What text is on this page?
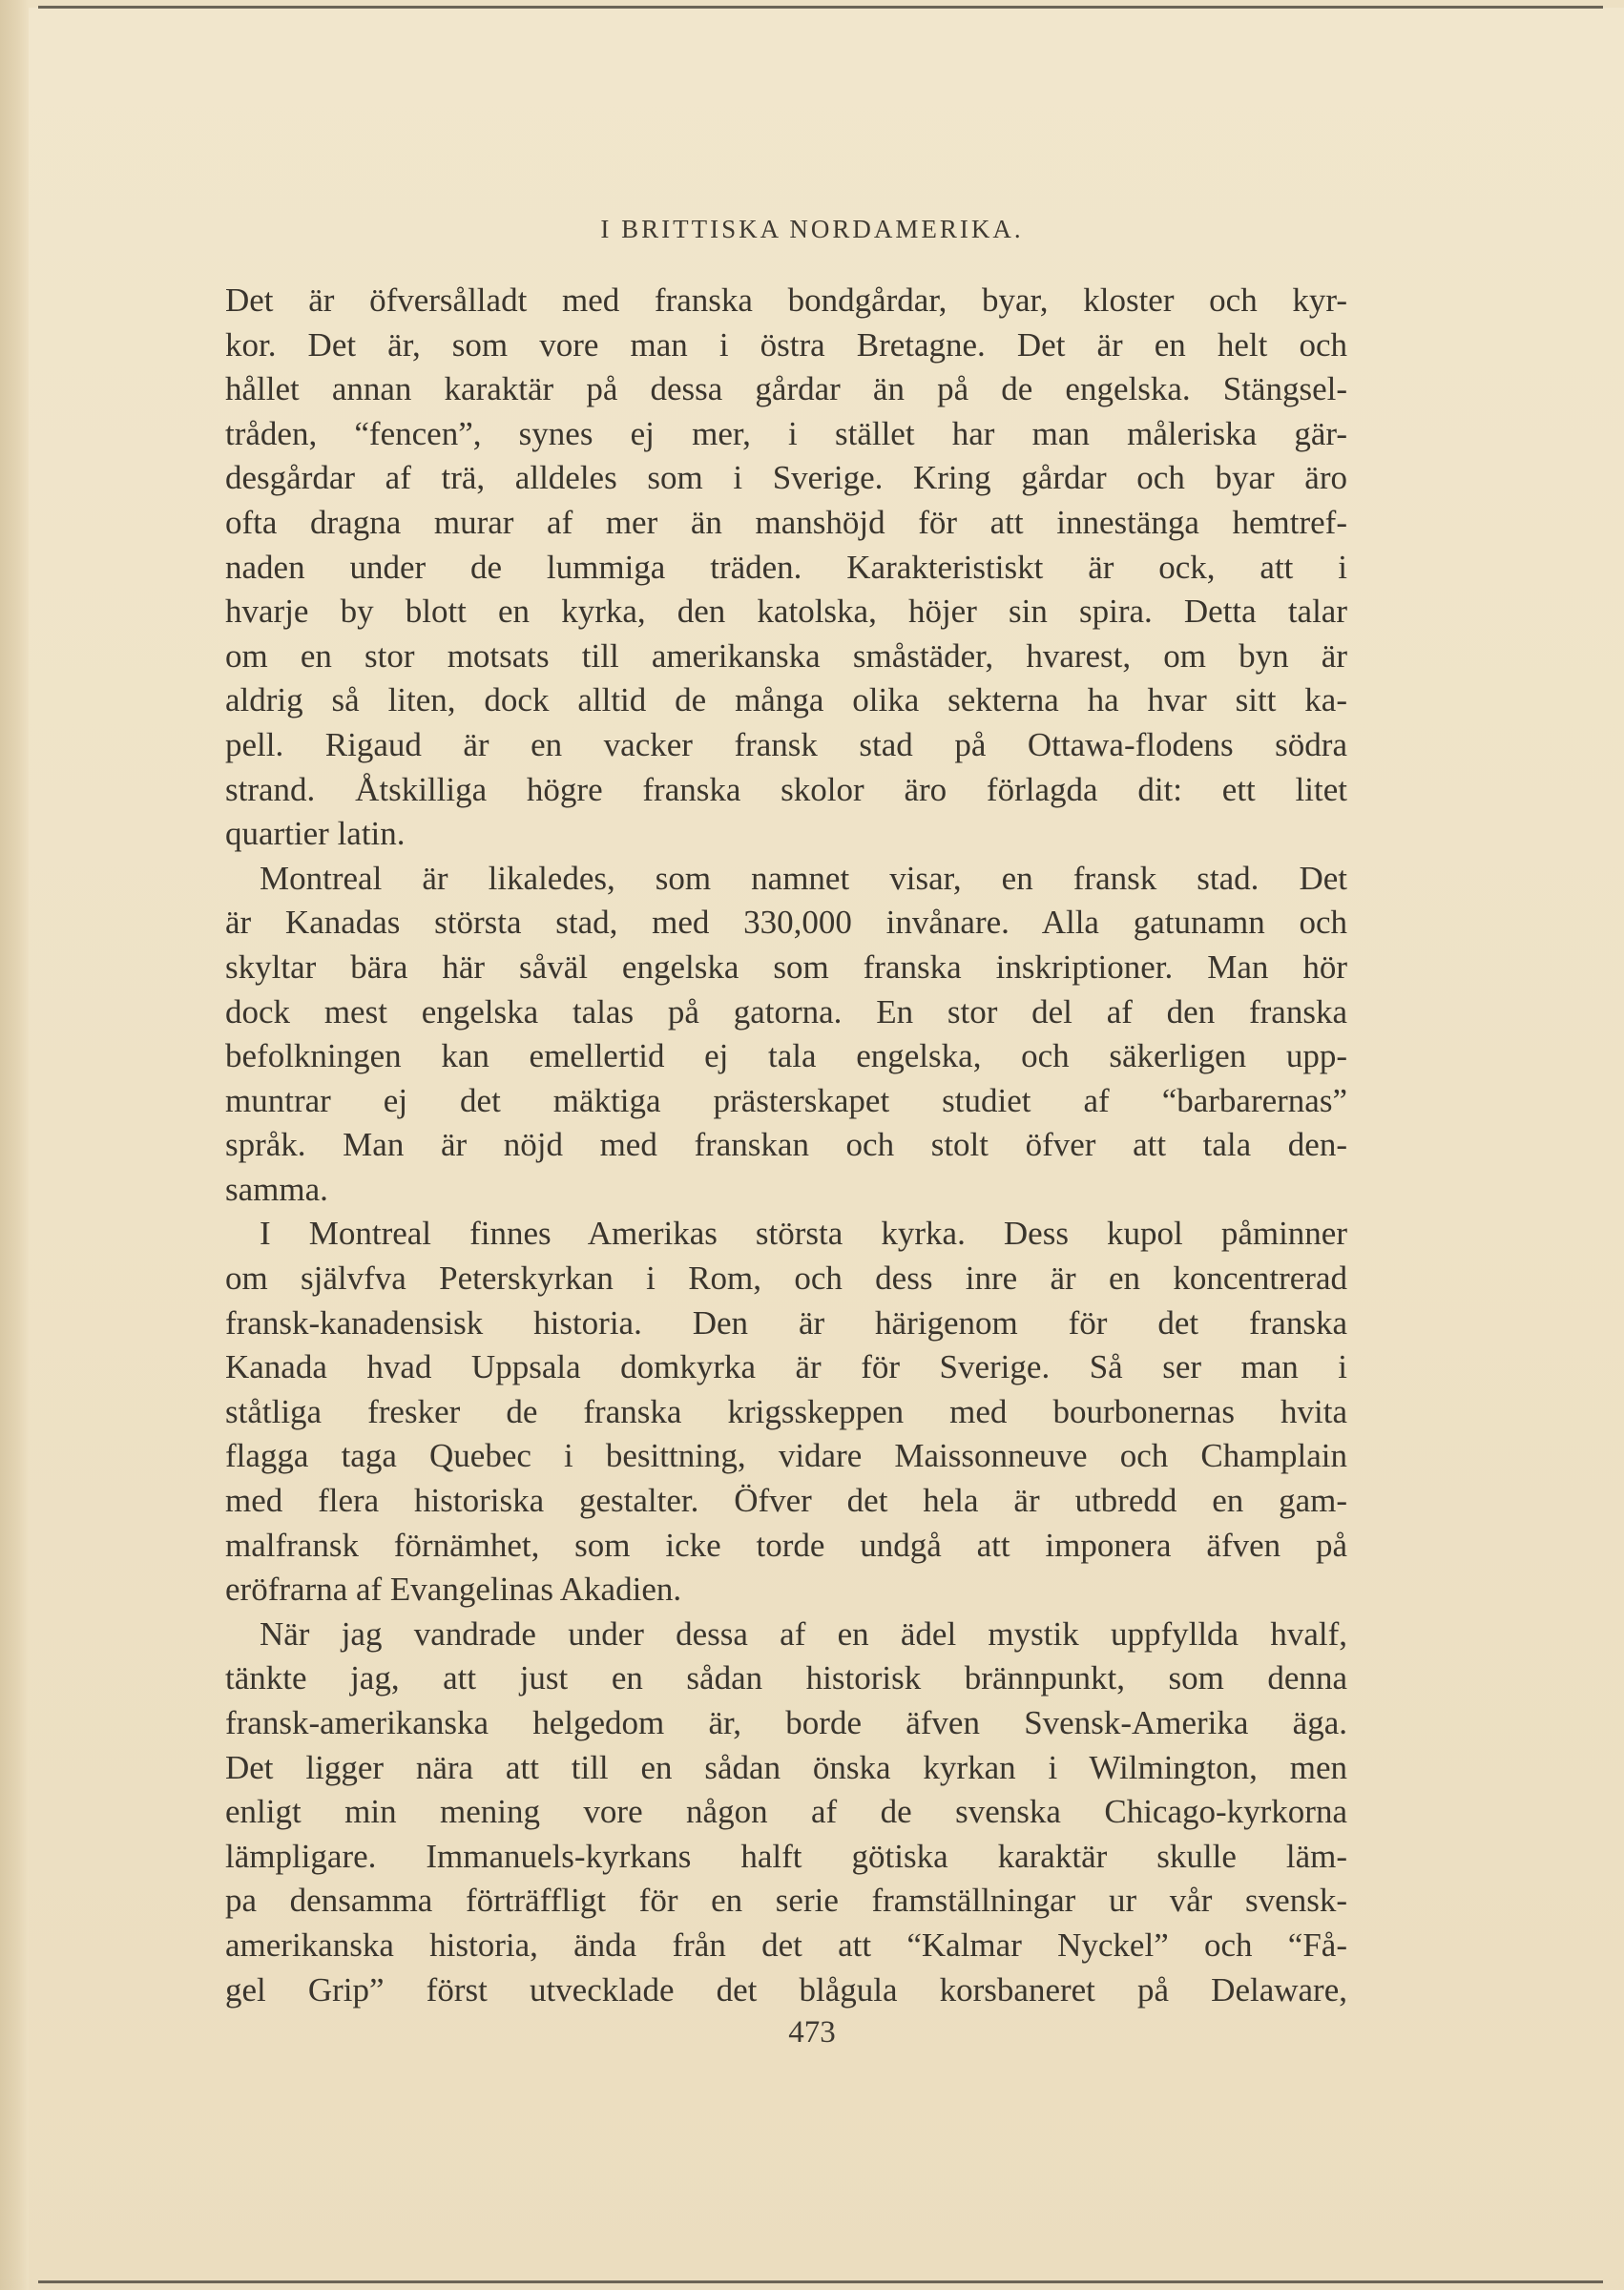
I BRITTISKA NORDAMERIKA.
Det är öfversålladt med franska bondgårdar, byar, kloster och kyr-
kor. Det är, som vore man i östra Bretagne. Det är en helt och
hållet annan karaktär på dessa gårdar än på de engelska. Stängsel-
tråden, “fencen”, synes ej mer, i stället har man måleriska gär-
desgårdar af trä, alldeles som i Sverige. Kring gårdar och byar äro
ofta dragna murar af mer än manshöjd för att innestänga hemtref-
naden under de lummiga träden. Karakteristiskt är ock, att i
hvarje by blott en kyrka, den katolska, höjer sin spira. Detta talar
om en stor motsats till amerikanska småstäder, hvarest, om byn är
aldrig så liten, dock alltid de många olika sekterna ha hvar sitt ka-
pell. Rigaud är en vacker fransk stad på Ottawa-flodens södra
strand. Åtskilliga högre franska skolor äro förlagda dit: ett litet
quartier latin.
Montreal är likaledes, som namnet visar, en fransk stad. Det
är Kanadas största stad, med 330,000 invånare. Alla gatunamn och
skyltar bära här såväl engelska som franska inskriptioner. Man hör
dock mest engelska talas på gatorna. En stor del af den franska
befolkningen kan emellertid ej tala engelska, och säkerligen upp-
muntrar ej det mäktiga prästerskapet studiet af “barbarernas”
språk. Man är nöjd med franskan och stolt öfver att tala den-
samma.
I Montreal finnes Amerikas största kyrka. Dess kupol påminner
om självfva Peterskyrkan i Rom, och dess inre är en koncentrerad
fransk-kanadensisk historia. Den är härigenom för det franska
Kanada hvad Uppsala domkyrka är för Sverige. Så ser man i
ståtliga fresker de franska krigsskeppen med bourbonernas hvita
flagga taga Quebec i besittning, vidare Maissonneuve och Champlain
med flera historiska gestalter. Öfver det hela är utbredd en gam-
malfransk förnämhet, som icke torde undgå att imponera äfven på
eröfrarna af Evangelinas Akadien.
När jag vandrade under dessa af en ädel mystik uppfyllda hvalf,
tänkte jag, att just en sådan historisk brännpunkt, som denna
fransk-amerikanska helgedom är, borde äfven Svensk-Amerika äga.
Det ligger nära att till en sådan önska kyrkan i Wilmington, men
enligt min mening vore någon af de svenska Chicago-kyrkorna
lämpligare. Immanuels-kyrkans halft götiska karaktär skulle läm-
pa densamma förträffligt för en serie framställningar ur vår svensk-
amerikanska historia, ända från det att “Kalmar Nyckel” och “Få-
gel Grip” först utvecklade det blågula korsbaneret på Delaware,
473
